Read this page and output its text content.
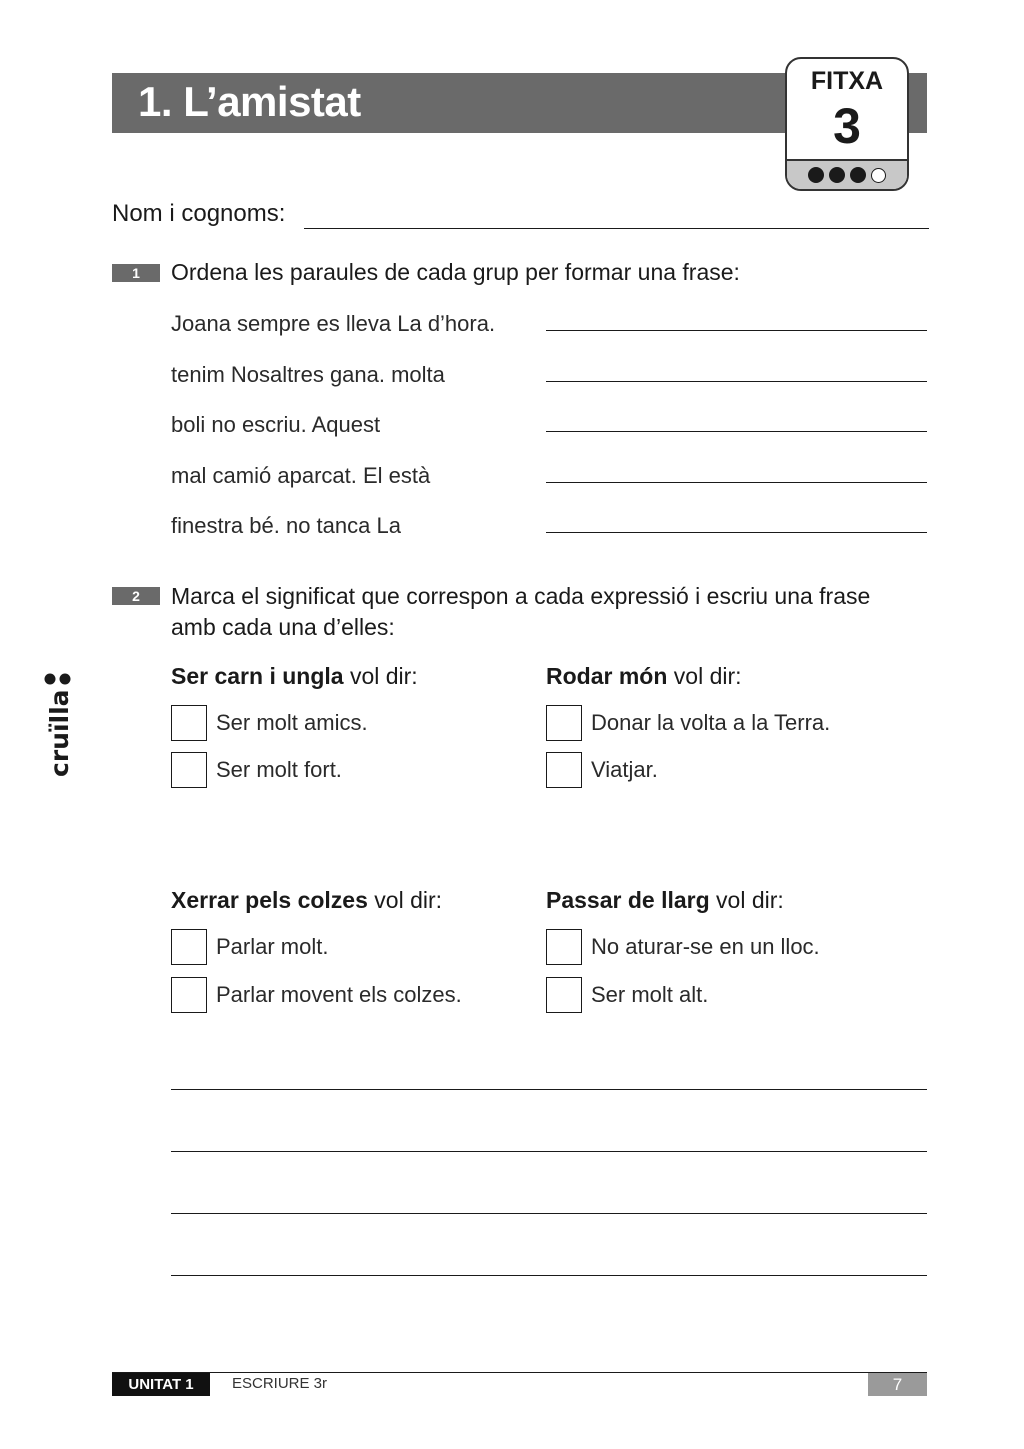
1. L’amistat	FITXA
3
Nom i cognoms:
1	Ordena les paraules de cada grup per formar una frase:
Joana sempre es lleva La d’hora.
tenim Nosaltres gana. molta
boli no escriu. Aquest
mal camió aparcat. El està
finestra bé. no tanca La
2	Marca el significat que correspon a cada expressió i escriu una frase
amb cada una d’elles:
Ser carn i ungla vol dir:
Ser molt amics.
Ser molt fort.
Rodar món vol dir:
Donar la volta a la Terra.
Viatjar.
Xerrar pels colzes vol dir:
Parlar molt.
Parlar movent els colzes.
Passar de llarg vol dir:
No aturar-se en un lloc.
Ser molt alt.
cruïlla
UNITAT 1	ESCRIURE 3r	7
